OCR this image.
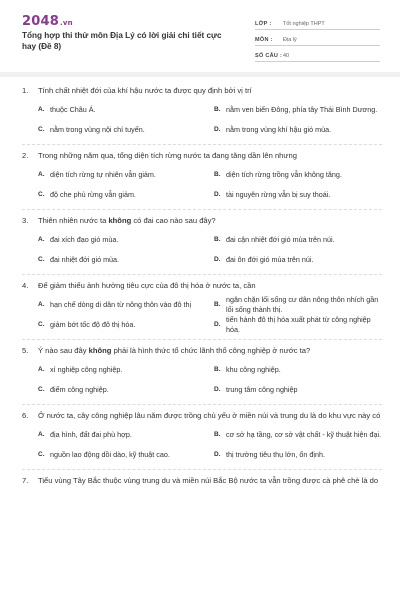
2048.vn
Tổng hợp thi thử môn Địa Lý có lời giải chi tiết cực hay (Đề 8)
LỚP :	Tốt nghiệp THPT
MÔN :	Địa lý
SỐ CÂU : 40
1.	Tính chất nhiệt đới của khí hậu nước ta được quy định bởi vị trí
A. thuộc Châu Á.	B. nằm ven biển Đông, phía tây Thái Bình Dương.
C. nằm trong vùng nội chí tuyến.	D. nằm trong vùng khí hậu gió mùa.
2.	Trong những năm qua, tổng diện tích rừng nước ta đang tăng dần lên nhưng
A. diện tích rừng tự nhiên vẫn giảm.	B. diện tích rừng trồng vẫn không tăng.
C. độ che phủ rừng vẫn giảm.	D. tài nguyên rừng vẫn bị suy thoái.
3.	Thiên nhiên nước ta không có đai cao nào sau đây?
A. đai xích đạo gió mùa.	B. đai cận nhiệt đới gió mùa trên núi.
C. đai nhiệt đới gió mùa.	D. đai ôn đới gió mùa trên núi.
4.	Để giảm thiểu ảnh hưởng tiêu cực của đô thị hóa ở nước ta, cần
A. hạn chế dòng di dân từ nông thôn vào đô thị	B.
ngăn chặn lối sống cư dân nông thôn nhích gần lối sống thành thị.
C. giảm bớt tốc độ đô thị hóa.	D.
tiến hành đô thị hóa xuất phát từ công nghiệp hóa.
5.	Ý nào sau đây không phải là hình thức tổ chức lãnh thổ công nghiệp ở nước ta?
A. xí nghiệp công nghiệp.	B. khu công nghiệp.
C. điểm công nghiệp.	D. trung tâm công nghiệp
6.	Ở nước ta, cây công nghiệp lâu năm được trồng chủ yếu ở miền núi và trung du là do khu vực này có
A. địa hình, đất đai phù hợp.	B. cơ sở hạ tầng, cơ sở vật chất - kỹ thuật hiện đại.
C. nguồn lao động dồi dào, kỹ thuật cao.	D. thị trường tiêu thụ lớn, ổn định.
7.	Tiểu vùng Tây Bắc thuộc vùng trung du và miền núi Bắc Bộ nước ta vẫn trồng được cà phê chè là do
